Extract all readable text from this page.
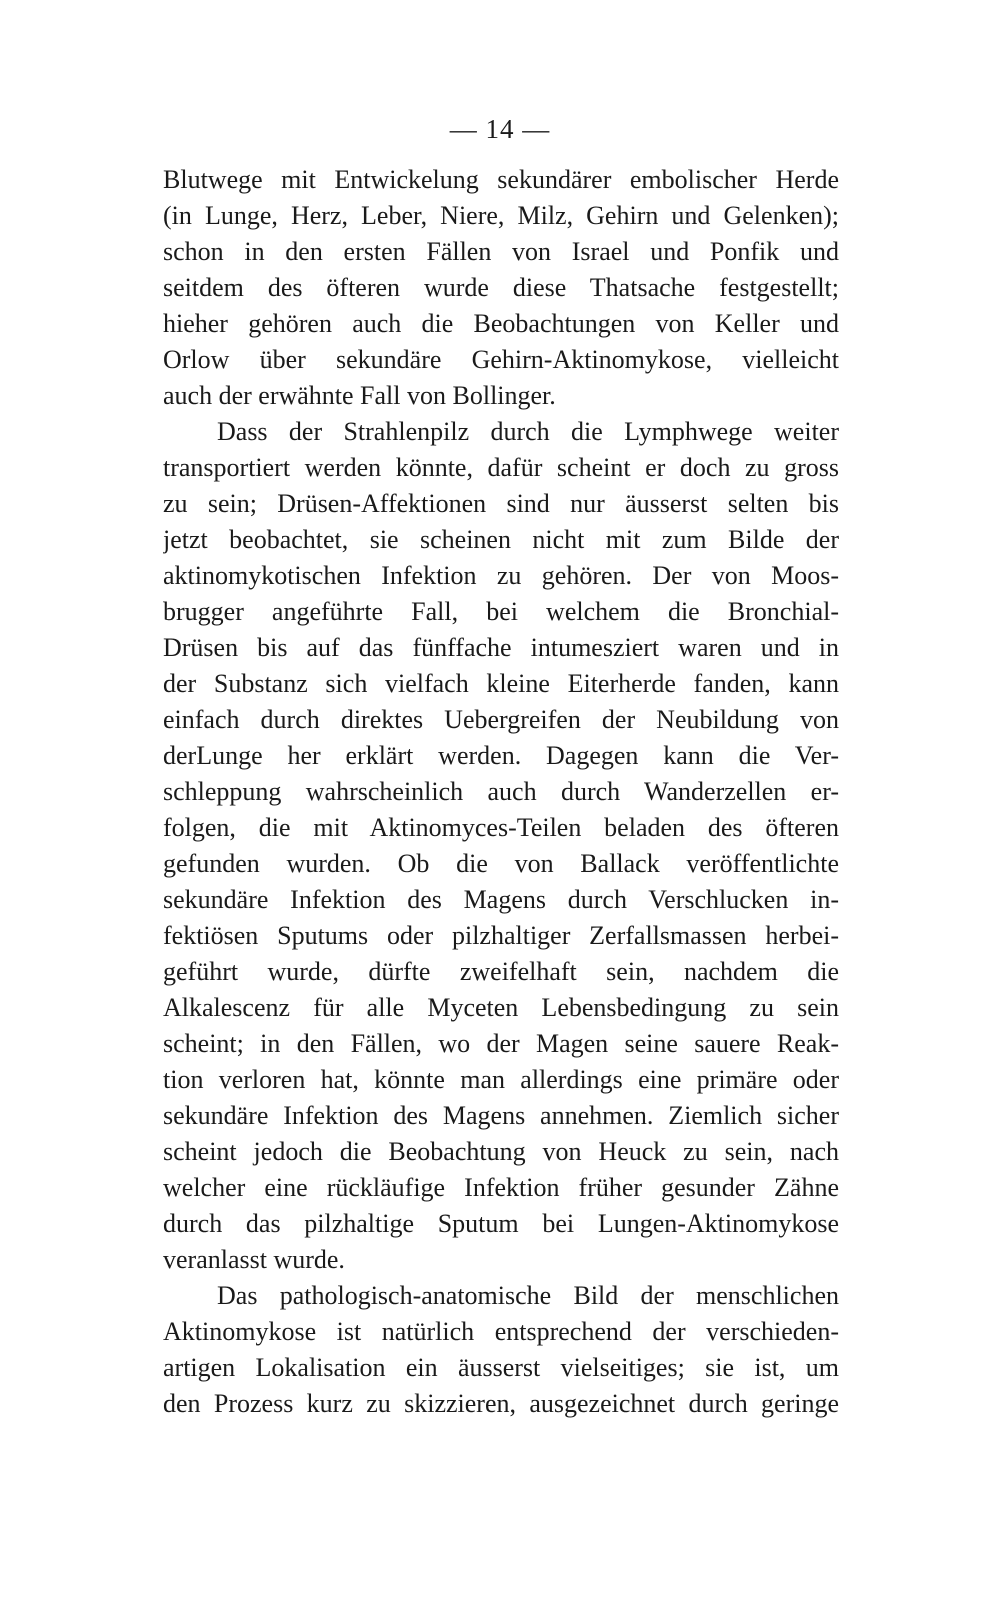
— 14 —
Blutwege mit Entwickelung sekundärer embolischer Herde
(in Lunge, Herz, Leber, Niere, Milz, Gehirn und Gelenken);
schon in den ersten Fällen von Israel und Ponfik und
seitdem des öfteren wurde diese Thatsache festgestellt;
hieher gehören auch die Beobachtungen von Keller und
Orlow über sekundäre Gehirn-Aktinomykose, vielleicht
auch der erwähnte Fall von Bollinger.
Dass der Strahlenpilz durch die Lymphwege weiter
transportiert werden könnte, dafür scheint er doch zu gross
zu sein; Drüsen-Affektionen sind nur äusserst selten bis
jetzt beobachtet, sie scheinen nicht mit zum Bilde der
aktinomykotischen Infektion zu gehören. Der von Moos-
brugger angeführte Fall, bei welchem die Bronchial-
Drüsen bis auf das fünffache intumesziert waren und in
der Substanz sich vielfach kleine Eiterherde fanden, kann
einfach durch direktes Uebergreifen der Neubildung von
derLunge her erklärt werden. Dagegen kann die Ver-
schleppung wahrscheinlich auch durch Wanderzellen er-
folgen, die mit Aktinomyces-Teilen beladen des öfteren
gefunden wurden. Ob die von Ballack veröffentlichte
sekundäre Infektion des Magens durch Verschlucken in-
fektiösen Sputums oder pilzhaltiger Zerfallsmassen herbei-
geführt wurde, dürfte zweifelhaft sein, nachdem die
Alkalescenz für alle Myceten Lebensbedingung zu sein
scheint; in den Fällen, wo der Magen seine sauere Reak-
tion verloren hat, könnte man allerdings eine primäre oder
sekundäre Infektion des Magens annehmen. Ziemlich sicher
scheint jedoch die Beobachtung von Heuck zu sein, nach
welcher eine rückläufige Infektion früher gesunder Zähne
durch das pilzhaltige Sputum bei Lungen-Aktinomykose
veranlasst wurde.
Das pathologisch-anatomische Bild der menschlichen
Aktinomykose ist natürlich entsprechend der verschieden-
artigen Lokalisation ein äusserst vielseitiges; sie ist, um
den Prozess kurz zu skizzieren, ausgezeichnet durch geringe
